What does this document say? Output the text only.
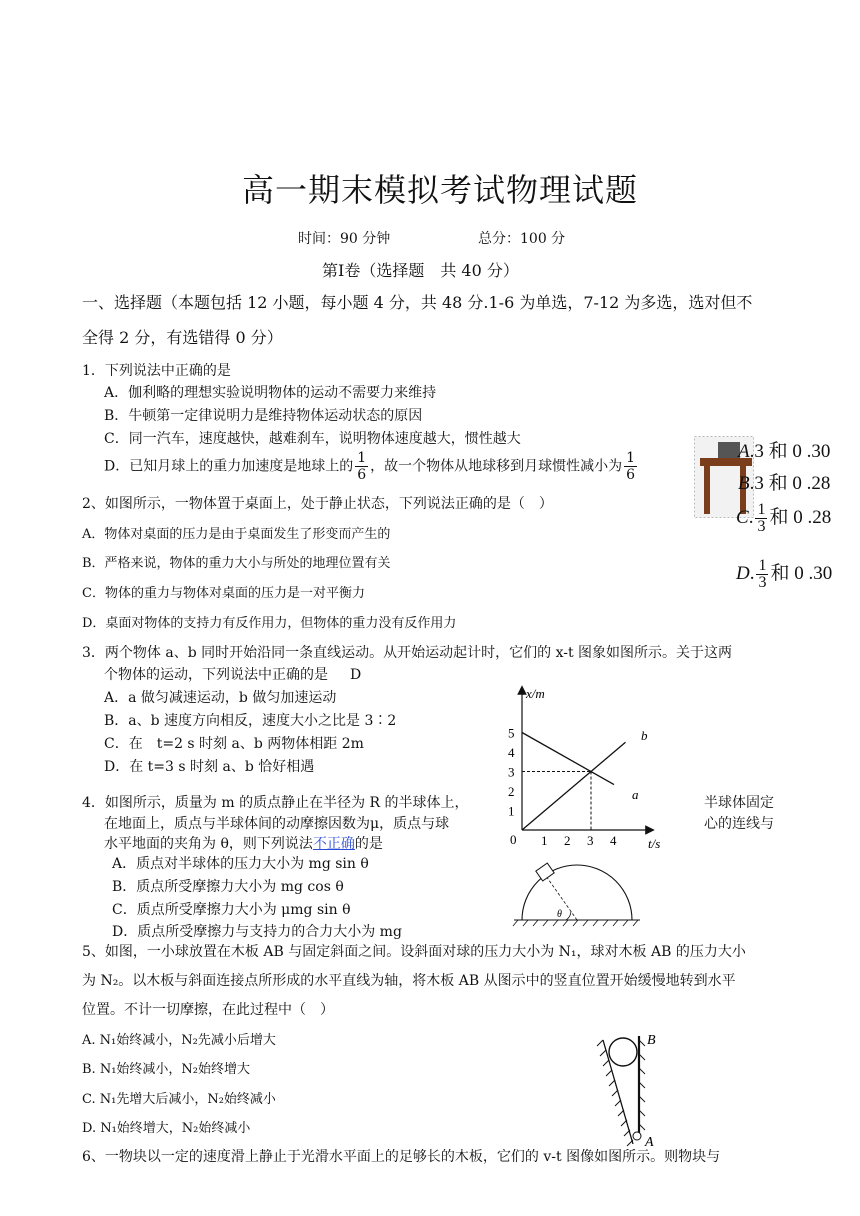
高一期末模拟考试物理试题
时间：90 分钟	总分：100 分
第Ⅰ卷（选择题　共 40 分）
一、选择题（本题包括 12 小题，每小题 4 分，共 48 分.1-6 为单选，7-12 为多选，选对但不
全得 2 分，有选错得 0 分）
1．下列说法中正确的是
A．伽利略的理想实验说明物体的运动不需要力来维持
B．牛顿第一定律说明力是维持物体运动状态的原因
C．同一汽车，速度越快，越难刹车，说明物体速度越大，惯性越大
D．已知月球上的重力加速度是地球上的 $\frac{1}{6}$ ，故一个物体从地球移到月球惯性减小为 $\frac{1}{6}$	A.3 和 0 .30
B.3 和 0 .28
C. $\frac{1}{3}$ 和 0 .28
D. $\frac{1}{3}$ 和 0 .30
2、如图所示，一物体置于桌面上，处于静止状态，下列说法正确的是（　）
A．物体对桌面的压力是由于桌面发生了形变而产生的
B．严格来说，物体的重力大小与所处的地理位置有关
C．物体的重力与物体对桌面的压力是一对平衡力
D．桌面对物体的支持力有反作用力，但物体的重力没有反作用力
3．两个物体 a、b 同时开始沿同一条直线运动。从开始运动起计时，它们的 x-t 图象如图所示。关于这两
个物体的运动，下列说法中正确的是 D
A．a 做匀减速运动，b 做匀加速运动
B．a、b 速度方向相反，速度大小之比是 3∶2
C．在　t=2 s 时刻 a、b 两物体相距 2m
D．在 t=3 s 时刻 a、b 恰好相遇
x/m
t/s
0 1 2 3 4
1
2
3
4
5	b
a
4．如图所示，质量为 m 的质点静止在半径为 R 的半球体上，	半球体固定
在地面上，质点与半球体间的动摩擦因数为μ，质点与球	心的连线与
水平地面的夹角为 θ，则下列说法不正确的是
A．质点对半球体的压力大小为 mg sin θ
B．质点所受摩擦力大小为 mg cos θ
C．质点所受摩擦力大小为 μmg sin θ
D．质点所受摩擦力与支持力的合力大小为 mg
θ
5、如图，一小球放置在木板 AB 与固定斜面之间。设斜面对球的压力大小为 N₁，球对木板 AB 的压力大小
为 N₂。以木板与斜面连接点所形成的水平直线为轴，将木板 AB 从图示中的竖直位置开始缓慢地转到水平
位置。不计一切摩擦，在此过程中（　）
A. N₁始终减小，N₂先减小后增大
B. N₁始终减小，N₂始终增大
C. N₁先增大后减小，N₂始终减小
D. N₁始终增大，N₂始终减小
B
A
6、一物块以一定的速度滑上静止于光滑水平面上的足够长的木板，它们的 v-t 图像如图所示。则物块与
